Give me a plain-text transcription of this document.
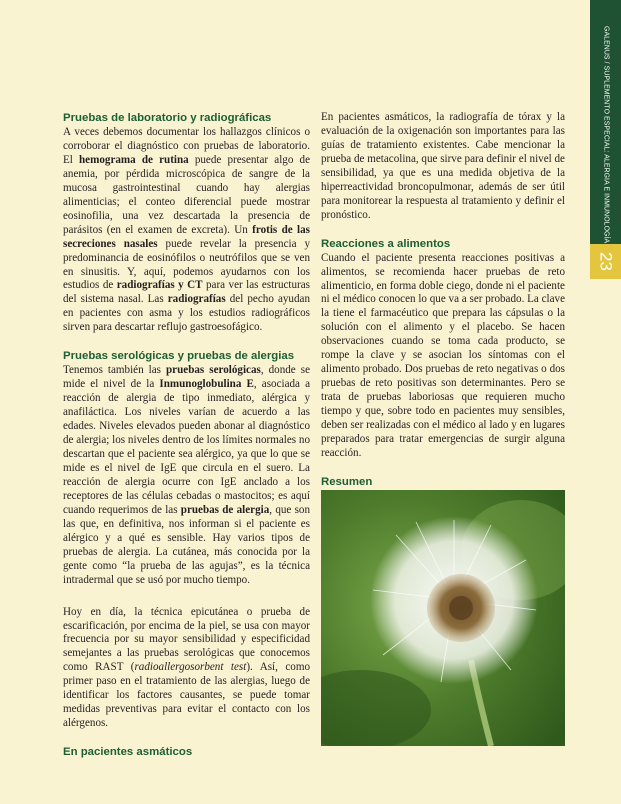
GALENUS / SUPLEMENTO ESPECIAL: ALERGIA E INMUNOLOGÍA
23
Pruebas de laboratorio y radiográficas

A veces debemos documentar los hallazgos clínicos o corroborar el diagnóstico con pruebas de laboratorio. El hemograma de rutina puede presentar algo de anemia, por pérdida microscópica de sangre de la mucosa gastrointestinal cuando hay alergias alimenticias; el conteo diferencial puede mostrar eosinofilia, una vez descartada la presencia de parásitos (en el examen de excreta). Un frotis de las secreciones nasales puede revelar la presencia y predominancia de eosinófilos o neutrófilos que se ven en sinusitis. Y, aquí, podemos ayudarnos con los estudios de radiografías y CT para ver las estructuras del sistema nasal. Las radiografías del pecho ayudan en pacientes con asma y los estudios radiográficos sirven para descartar reflujo gastroesofágico.

Pruebas serológicas y pruebas de alergias

Tenemos también las pruebas serológicas, donde se mide el nivel de la Inmunoglobulina E, asociada a reacción de alergia de tipo inmediato, alérgica y anafiláctica. Los niveles varían de acuerdo a las edades. Niveles elevados pueden abonar al diagnóstico de alergia; los niveles dentro de los límites normales no descartan que el paciente sea alérgico, ya que lo que se mide es el nivel de IgE que circula en el suero. La reacción de alergia ocurre con IgE anclado a los receptores de las células cebadas o mastocitos; es aquí cuando requerimos de las pruebas de alergia, que son las que, en definitiva, nos informan si el paciente es alérgico y a qué es sensible. Hay varios tipos de pruebas de alergia. La cutánea, más conocida por la gente como “la prueba de las agujas”, es la técnica intradermal que se usó por mucho tiempo.

Hoy en día, la técnica epicutánea o prueba de escarificación, por encima de la piel, se usa con mayor frecuencia por su mayor sensibilidad y especificidad semejantes a las pruebas serológicas que conocemos como RAST (radioallergosorbent test). Así, como primer paso en el tratamiento de las alergias, luego de identificar los factores causantes, se puede tomar medidas preventivas para evitar el contacto con los alérgenos.

En pacientes asmáticos

En pacientes asmáticos, la radiografía de tórax y la evaluación de la oxigenación son importantes para las guías de tratamiento existentes. Cabe mencionar la prueba de metacolina, que sirve para definir el nivel de sensibilidad, ya que es una medida objetiva de la hiperreactividad broncopulmonar, además de ser útil para monitorear la respuesta al tratamiento y definir el pronóstico.

Reacciones a alimentos

Cuando el paciente presenta reacciones positivas a alimentos, se recomienda hacer pruebas de reto alimenticio, en forma doble ciego, donde ni el paciente ni el médico conocen lo que va a ser probado. La clave la tiene el farmacéutico que prepara las cápsulas o la solución con el alimento y el placebo. Se hacen observaciones cuando se toma cada producto, se rompe la clave y se asocian los síntomas con el alimento probado. Dos pruebas de reto negativas o dos pruebas de reto positivas son determinantes. Pero se trata de pruebas laboriosas que requieren mucho tiempo y que, sobre todo en pacientes muy sensibles, deben ser realizadas con el médico al lado y en lugares preparados para tratar emergencias de surgir alguna reacción.

Resumen
